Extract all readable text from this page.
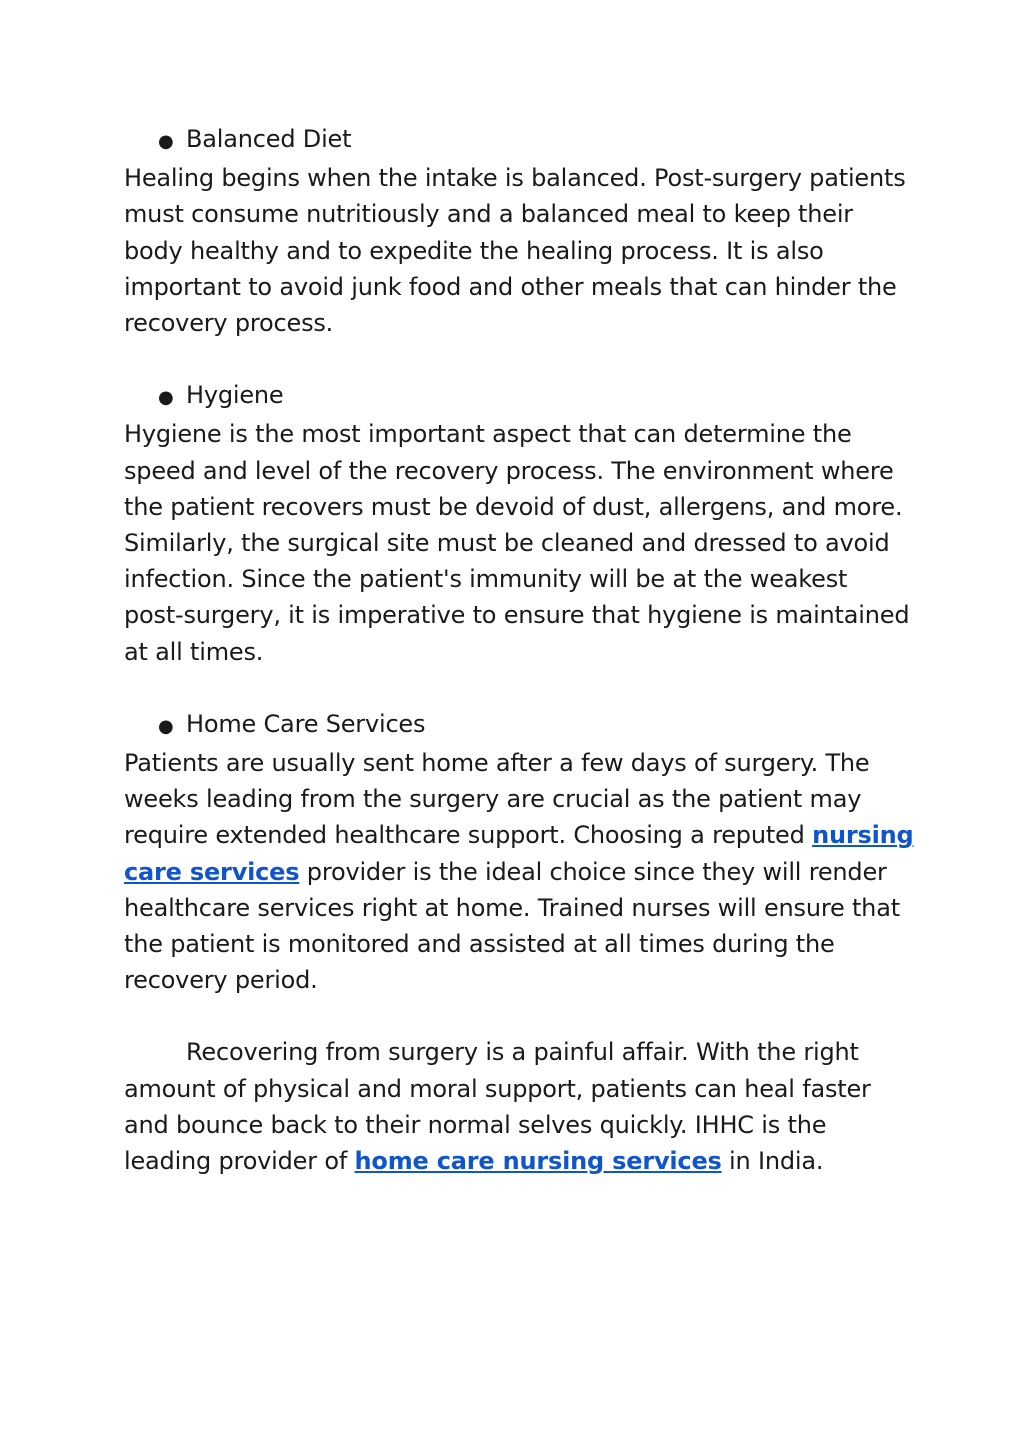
● Balanced Diet

Healing begins when the intake is balanced. Post-surgery patients must consume nutritiously and a balanced meal to keep their body healthy and to expedite the healing process. It is also important to avoid junk food and other meals that can hinder the recovery process.

● Hygiene

Hygiene is the most important aspect that can determine the speed and level of the recovery process. The environment where the patient recovers must be devoid of dust, allergens, and more. Similarly, the surgical site must be cleaned and dressed to avoid infection. Since the patient's immunity will be at the weakest post-surgery, it is imperative to ensure that hygiene is maintained at all times.

● Home Care Services

Patients are usually sent home after a few days of surgery. The weeks leading from the surgery are crucial as the patient may require extended healthcare support. Choosing a reputed nursing care services provider is the ideal choice since they will render healthcare services right at home. Trained nurses will ensure that the patient is monitored and assisted at all times during the recovery period.

Recovering from surgery is a painful affair. With the right amount of physical and moral support, patients can heal faster and bounce back to their normal selves quickly. IHHC is the leading provider of home care nursing services in India.
